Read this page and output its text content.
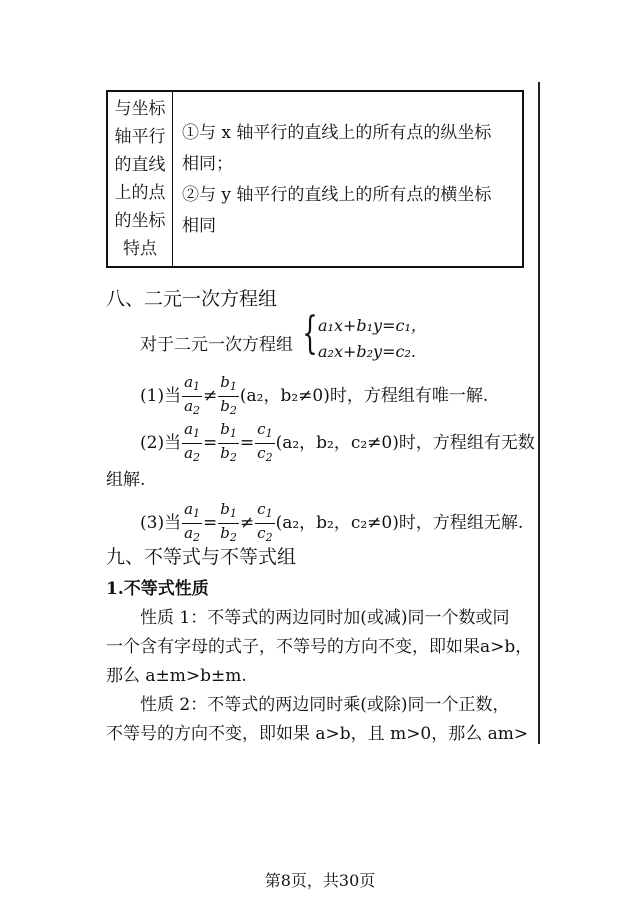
与坐标
轴平行
的直线
上的点
的坐标
特点
①与 x 轴平行的直线上的所有点的纵坐标
相同；
②与 y 轴平行的直线上的所有点的横坐标
相同
八、二元一次方程组
对于二元一次方程组 { a₁x+b₁y=c₁，
a₂x+b₂y=c₂.
(1)当 $\frac{a_1}{a_2} \ne \frac{b_1}{b_2} (a_2$，b₂≠0)时，方程组有唯一解.
(2)当 $\frac{a_1}{a_2} = \frac{b_1}{b_2} = \frac{c_1}{c_2} (a_2$，b₂，c₂≠0)时，方程组有无数
组解.
(3)当 $\frac{a_1}{a_2} = \frac{b_1}{b_2} \ne \frac{c_1}{c_2} (a_2$，b₂，c₂≠0)时，方程组无解.
九、不等式与不等式组
1.不等式性质
性质 1：不等式的两边同时加(或减)同一个数或同
一个含有字母的式子，不等号的方向不变，即如果a>b，
那么 a±m>b±m.
性质 2：不等式的两边同时乘(或除)同一个正数，
不等号的方向不变，即如果 a>b，且 m>0，那么 am>
第8页，共30页
